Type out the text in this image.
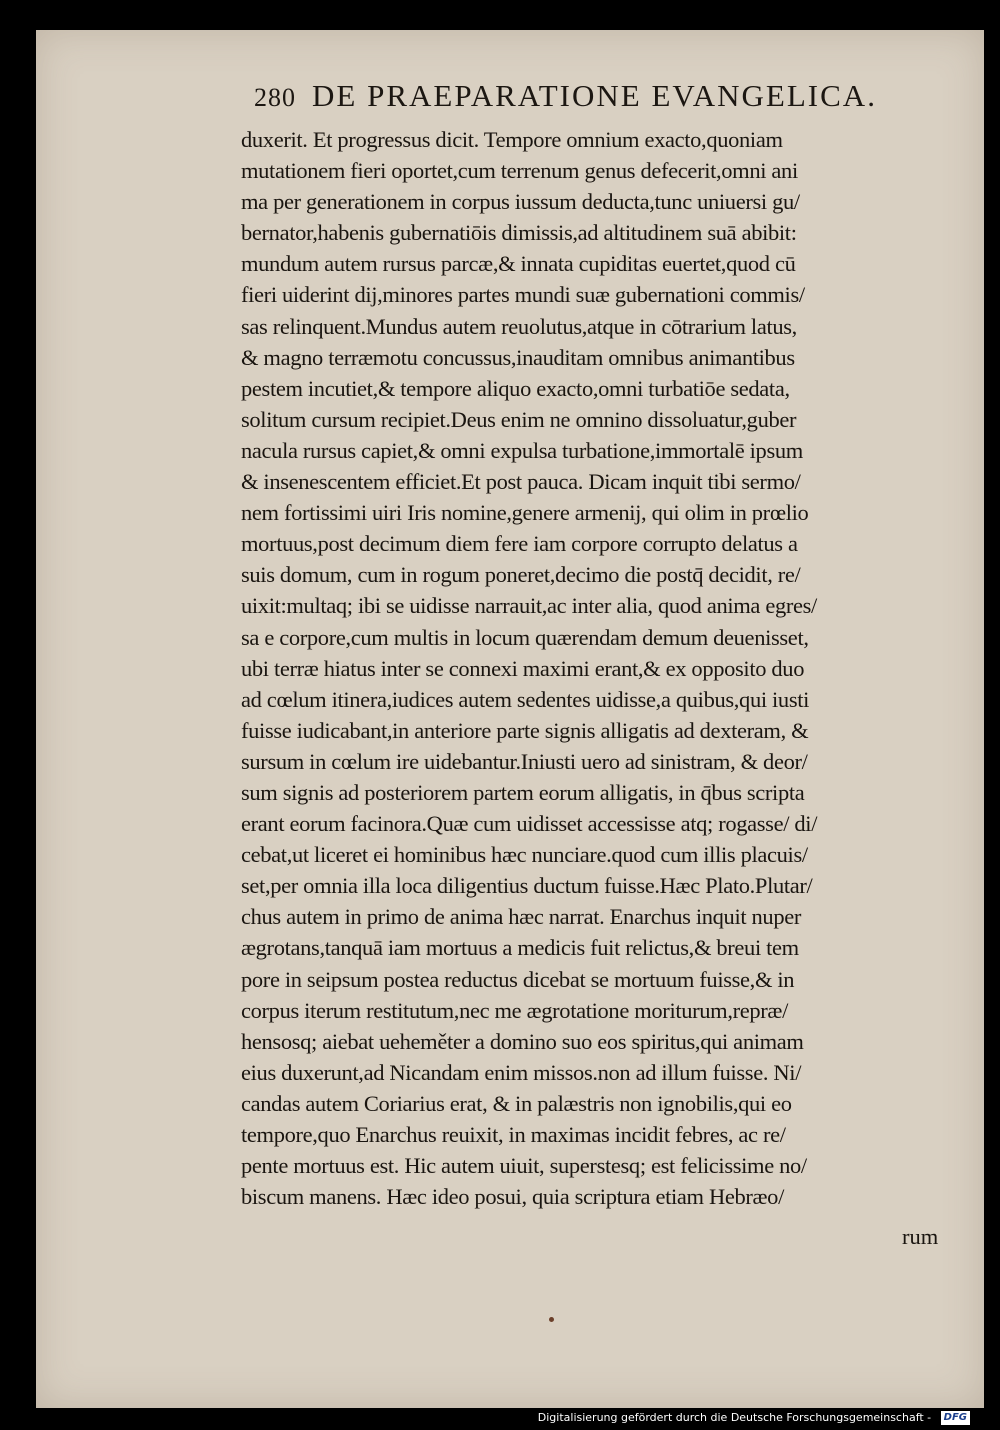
280 DE PRAEPARATIONE EVANGELICA.
duxerit. Et progressus dicit. Tempore omnium exacto,quoniam
mutationem fieri oportet,cum terrenum genus defecerit,omni ani
ma per generationem in corpus iussum deducta,tunc uniuersi gu/
bernator,habenis gubernatiōis dimissis,ad altitudinem suā abibit:
mundum autem rursus parcæ,& innata cupiditas euertet,quod cū
fieri uiderint dij,minores partes mundi suæ gubernationi commis/
sas relinquent.Mundus autem reuolutus,atque in cōtrarium latus,
& magno terræmotu concussus,inauditam omnibus animantibus
pestem incutiet,& tempore aliquo exacto,omni turbatiōe sedata,
solitum cursum recipiet.Deus enim ne omnino dissoluatur,guber
nacula rursus capiet,& omni expulsa turbatione,immortalē ipsum
& insenescentem efficiet.Et post pauca. Dicam inquit tibi sermo/
nem fortissimi uiri Iris nomine,genere armenij, qui olim in prœlio
mortuus,post decimum diem fere iam corpore corrupto delatus a
suis domum, cum in rogum poneret,decimo die postq̄ decidit, re/
uixit:multaq; ibi se uidisse narrauit,ac inter alia, quod anima egres/
sa e corpore,cum multis in locum quærendam demum deuenisset,
ubi terræ hiatus inter se connexi maximi erant,& ex opposito duo
ad cœlum itinera,iudices autem sedentes uidisse,a quibus,qui iusti
fuisse iudicabant,in anteriore parte signis alligatis ad dexteram, &
sursum in cœlum ire uidebantur.Iniusti uero ad sinistram, & deor/
sum signis ad posteriorem partem eorum alligatis, in q̄bus scripta
erant eorum facinora.Quæ cum uidisset accessisse atq; rogasse/ di/
cebat,ut liceret ei hominibus hæc nunciare.quod cum illis placuis/
set,per omnia illa loca diligentius ductum fuisse.Hæc Plato.Plutar/
chus autem in primo de anima hæc narrat. Enarchus inquit nuper
ægrotans,tanquā iam mortuus a medicis fuit relictus,& breui tem
pore in seipsum postea reductus dicebat se mortuum fuisse,& in
corpus iterum restitutum,nec me ægrotatione moriturum,repræ/
hensosq; aiebat ueheměter a domino suo eos spiritus,qui animam
eius duxerunt,ad Nicandam enim missos.non ad illum fuisse. Ni/
candas autem Coriarius erat, & in palæstris non ignobilis,qui eo
tempore,quo Enarchus reuixit, in maximas incidit febres, ac re/
pente mortuus est. Hic autem uiuit, superstesq; est felicissime no/
biscum manens. Hæc ideo posui, quia scriptura etiam Hebræo/
rum
Digitalisierung gefördert durch die Deutsche Forschungsgemeinschaft - DFG
